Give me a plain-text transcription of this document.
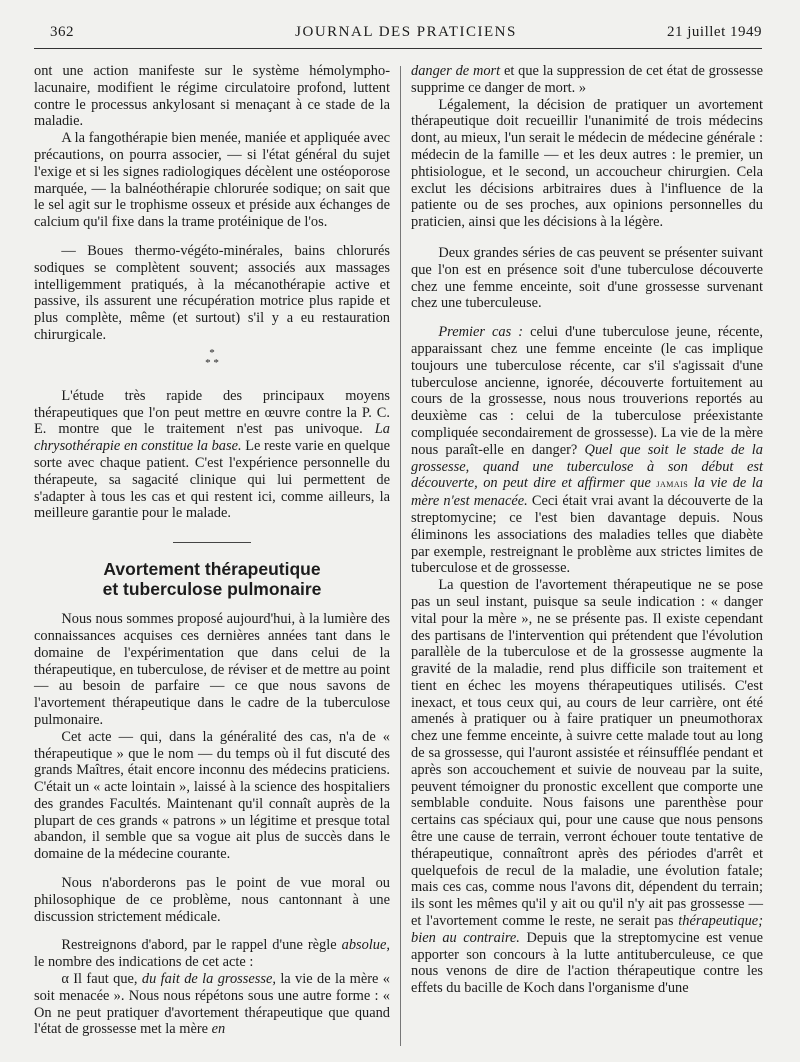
362	JOURNAL DES PRATICIENS	21 juillet 1949

ont une action manifeste sur le système hémolympho-lacunaire, modifient le régime circulatoire profond, luttent contre le processus ankylosant si menaçant à ce stade de la maladie.

A la fangothérapie bien menée, maniée et appliquée avec précautions, on pourra associer, — si l'état général du sujet l'exige et si les signes radiologiques décèlent une ostéoporose marquée, — la balnéothérapie chlorurée sodique; on sait que le sel agit sur le trophisme osseux et préside aux échanges de calcium qu'il fixe dans la trame protéinique de l'os.

— Boues thermo-végéto-minérales, bains chlorurés sodiques se complètent souvent; associés aux massages intelligemment pratiqués, à la mécanothérapie active et passive, ils assurent une récupération motrice plus rapide et plus complète, même (et surtout) s'il y a eu restauration chirurgicale.

*
* *

L'étude très rapide des principaux moyens thérapeutiques que l'on peut mettre en œuvre contre la P. C. E. montre que le traitement n'est pas univoque. La chrysothérapie en constitue la base. Le reste varie en quelque sorte avec chaque patient. C'est l'expérience personnelle du thérapeute, sa sagacité clinique qui lui permettent de s'adapter à tous les cas et qui restent ici, comme ailleurs, la meilleure garantie pour le malade.

Avortement thérapeutique
et tuberculose pulmonaire

Nous nous sommes proposé aujourd'hui, à la lumière des connaissances acquises ces dernières années tant dans le domaine de l'expérimentation que dans celui de la thérapeutique, en tuberculose, de réviser et de mettre au point — au besoin de parfaire — ce que nous savons de l'avortement thérapeutique dans le cadre de la tuberculose pulmonaire.

Cet acte — qui, dans la généralité des cas, n'a de « thérapeutique » que le nom — du temps où il fut discuté des grands Maîtres, était encore inconnu des médecins praticiens. C'était un « acte lointain », laissé à la science des hospitaliers des grandes Facultés. Maintenant qu'il connaît auprès de la plupart de ces grands « patrons » un légitime et presque total abandon, il semble que sa vogue ait plus de succès dans le domaine de la médecine courante.

Nous n'aborderons pas le point de vue moral ou philosophique de ce problème, nous cantonnant à une discussion strictement médicale.

Restreignons d'abord, par le rappel d'une règle absolue, le nombre des indications de cet acte :

α Il faut que, du fait de la grossesse, la vie de la mère « soit menacée ». Nous nous répétons sous une autre forme : « On ne peut pratiquer d'avortement thérapeutique que quand l'état de grossesse met la mère en

danger de mort et que la suppression de cet état de grossesse supprime ce danger de mort. »

Légalement, la décision de pratiquer un avortement thérapeutique doit recueillir l'unanimité de trois médecins dont, au mieux, l'un serait le médecin de médecine générale : médecin de la famille — et les deux autres : le premier, un phtisiologue, et le second, un accoucheur chirurgien. Cela exclut les décisions arbitraires dues à l'influence de la patiente ou de ses proches, aux opinions personnelles du praticien, ainsi que les décisions à la légère.

Deux grandes séries de cas peuvent se présenter suivant que l'on est en présence soit d'une tuberculose découverte chez une femme enceinte, soit d'une grossesse survenant chez une tuberculeuse.

Premier cas : celui d'une tuberculose jeune, récente, apparaissant chez une femme enceinte (le cas implique toujours une tuberculose récente, car s'il s'agissait d'une tuberculose ancienne, ignorée, découverte fortuitement au cours de la grossesse, nous nous trouverions reportés au deuxième cas : celui de la tuberculose préexistante compliquée secondairement de grossesse). La vie de la mère nous paraît-elle en danger? Quel que soit le stade de la grossesse, quand une tuberculose à son début est découverte, on peut dire et affirmer que jamais la vie de la mère n'est menacée. Ceci était vrai avant la découverte de la streptomycine; ce l'est bien davantage depuis. Nous éliminons les associations des maladies telles que diabète par exemple, restreignant le problème aux strictes limites de tuberculose et de grossesse.

La question de l'avortement thérapeutique ne se pose pas un seul instant, puisque sa seule indication : « danger vital pour la mère », ne se présente pas. Il existe cependant des partisans de l'intervention qui prétendent que l'évolution parallèle de la tuberculose et de la grossesse augmente la gravité de la maladie, rend plus difficile son traitement et tient en échec les moyens thérapeutiques utilisés. C'est inexact, et tous ceux qui, au cours de leur carrière, ont été amenés à pratiquer ou à faire pratiquer un pneumothorax chez une femme enceinte, à suivre cette malade tout au long de sa grossesse, qui l'auront assistée et réinsufflée pendant et après son accouchement et suivie de nouveau par la suite, peuvent témoigner du pronostic excellent que comporte une semblable conduite. Nous faisons une parenthèse pour certains cas spéciaux qui, pour une cause que nous pensons être une cause de terrain, verront échouer toute tentative de thérapeutique, connaîtront après des périodes d'arrêt et quelquefois de recul de la maladie, une évolution fatale; mais ces cas, comme nous l'avons dit, dépendent du terrain; ils sont les mêmes qu'il y ait ou qu'il n'y ait pas grossesse — et l'avortement comme le reste, ne serait pas thérapeutique; bien au contraire. Depuis que la streptomycine est venue apporter son concours à la lutte antituberculeuse, ce que nous venons de dire de l'action thérapeutique contre les effets du bacille de Koch dans l'organisme d'une
